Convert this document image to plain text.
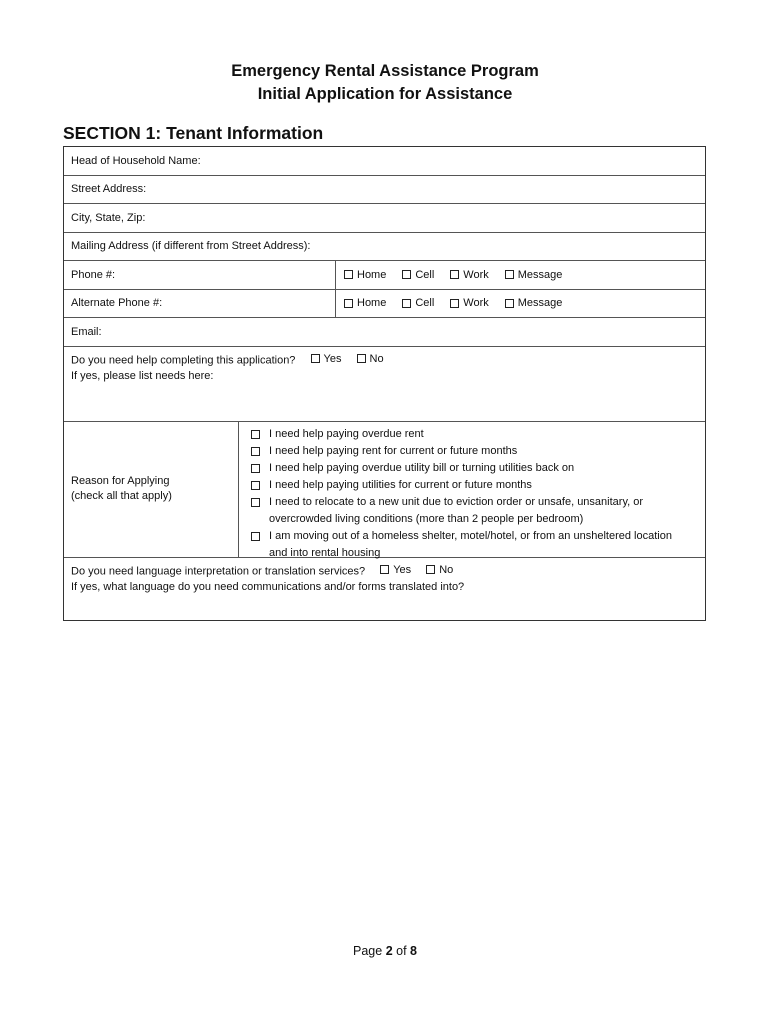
Emergency Rental Assistance Program
Initial Application for Assistance
SECTION 1: Tenant Information
Head of Household Name:
Street Address:
City, State, Zip:
Mailing Address (if different from Street Address):
Phone #:	Home	Cell	Work	Message
Alternate Phone #:	Home	Cell	Work	Message
Email:
Do you need help completing this application?	Yes
	No
If yes, please list needs here:
Reason for Applying
(check all that apply)
I need help paying overdue rent
I need help paying rent for current or future months
I need help paying overdue utility bill or turning utilities back on
I need help paying utilities for current or future months
I need to relocate to a new unit due to eviction order or unsafe, unsanitary, or
overcrowded living conditions (more than 2 people per bedroom)
I am moving out of a homeless shelter, motel/hotel, or from an unsheltered location
and into rental housing
Do you need language interpretation or translation services?	Yes
	No
If yes, what language do you need communications and/or forms translated into?
Page 2 of 8
